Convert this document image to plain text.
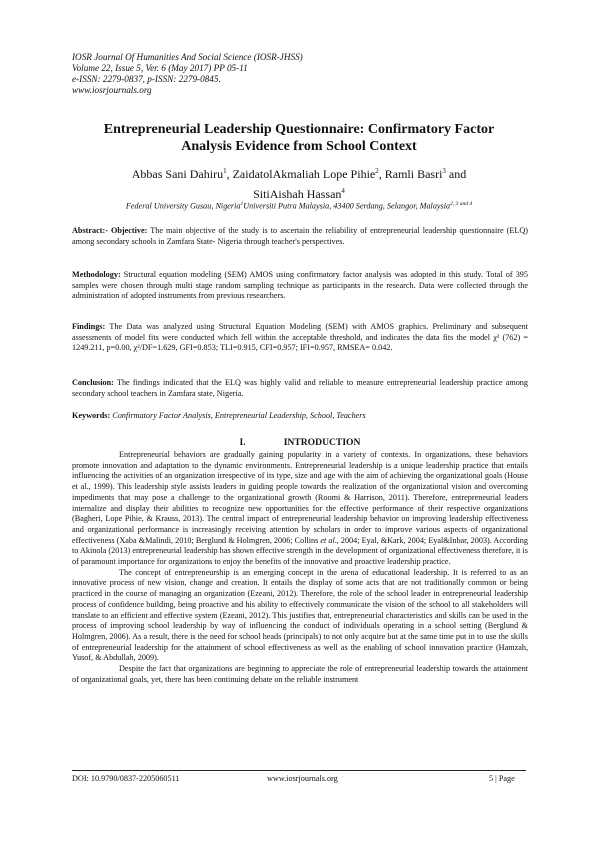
IOSR Journal Of Humanities And Social Science (IOSR-JHSS)
Volume 22, Issue 5, Ver. 6 (May 2017) PP 05-11
e-ISSN: 2279-0837, p-ISSN: 2279-0845.
www.iosrjournals.org
Entrepreneurial Leadership Questionnaire: Confirmatory Factor
Analysis Evidence from School Context
Abbas Sani Dahiru$^1$, ZaidatolAkmaliah Lope Pihie$^2$, Ramli Basri$^3$ and
SitiAishah Hassan$^4$
Federal University Gusau, Nigeria$^1$Universiti Putra Malaysia, 43400 Serdang, Selangor, Malaysia$^{2, 3 and 4}$
Abstract:- Objective: The main objective of the study is to ascertain the reliability of entrepreneurial leadership questionnaire (ELQ) among secondary schools in Zamfara State- Nigeria through teacher's perspectives.
Methodology: Structural equation modeling (SEM) AMOS using confirmatory factor analysis was adopted in this study. Total of 395 samples were chosen through multi stage random sampling technique as participants in the research. Data were collected through the administration of adopted instruments from previous researchers.
Findings: The Data was analyzed using Structural Equation Modeling (SEM) with AMOS graphics. Preliminary and subsequent assessments of model fits were conducted which fell within the acceptable threshold, and indicates the data fits the model χ² (762) = 1249.211, p=0.00, χ²/DF=1.629, GFI=0.853; TLI=0.915, CFI=0.957; IFI=0.957, RMSEA= 0.042.
Conclusion: The findings indicated that the ELQ was highly valid and reliable to measure entrepreneurial leadership practice among secondary school teachers in Zamfara state, Nigeria.
Keywords: Confirmatory Factor Analysis, Entrepreneurial Leadership, School, Teachers
I.	INTRODUCTION

Entrepreneurial behaviors are gradually gaining popularity in a variety of contexts. In organizations, these behaviors promote innovation and adaptation to the dynamic environments. Entrepreneurial leadership is a unique leadership practice that entails influencing the activities of an organization irrespective of its type, size and age with the aim of achieving the organizational goals (House et al., 1999). This leadership style assists leaders in guiding people towards the realization of the organizational vision and overcoming impediments that may pose a challenge to the organizational growth (Roomi & Harrison, 2011). Therefore, entrepreneurial leaders internalize and display their abilities to recognize new opportunities for the effective performance of their respective organizations (Bagheri, Lope Pihie, & Krauss, 2013). The central impact of entrepreneurial leadership behavior on improving leadership effectiveness and organizational performance is increasingly receiving attention by scholars in order to improve various aspects of organizational effectiveness (Xaba &Malindi, 2010; Berglund & Holmgren, 2006; Collins et al., 2004; Eyal, &Kark, 2004; Eyal&Inbar, 2003). According to Akinola (2013) entrepreneurial leadership has shown effective strength in the development of organizational effectiveness therefore, it is of paramount importance for organizations to enjoy the benefits of the innovative and proactive leadership practice.

The concept of entrepreneurship is an emerging concept in the arena of educational leadership. It is referred to as an innovative process of new vision, change and creation. It entails the display of some acts that are not traditionally common or being practiced in the course of managing an organization (Ezeani, 2012). Therefore, the role of the school leader in entrepreneurial leadership process of confidence building, being proactive and his ability to effectively communicate the vision of the school to all stakeholders will translate to an efficient and effective system (Ezeani, 2012). This justifies that, entrepreneurial characteristics and skills can be used in the process of improving school leadership by way of influencing the conduct of individuals operating in a school setting (Berglund & Holmgren, 2006). As a result, there is the need for school heads (principals) to not only acquire but at the same time put in to use the skills of entrepreneurial leadership for the attainment of school effectiveness as well as the enabling of school innovation practice (Hamzah, Yusof, & Abdullah, 2009).

Despite the fact that organizations are beginning to appreciate the role of entrepreneurial leadership towards the attainment of organizational goals, yet, there has been continuing debate on the reliable instrument

DOI: 10.9790/0837-2205060511	www.iosrjournals.org	5 | Page
